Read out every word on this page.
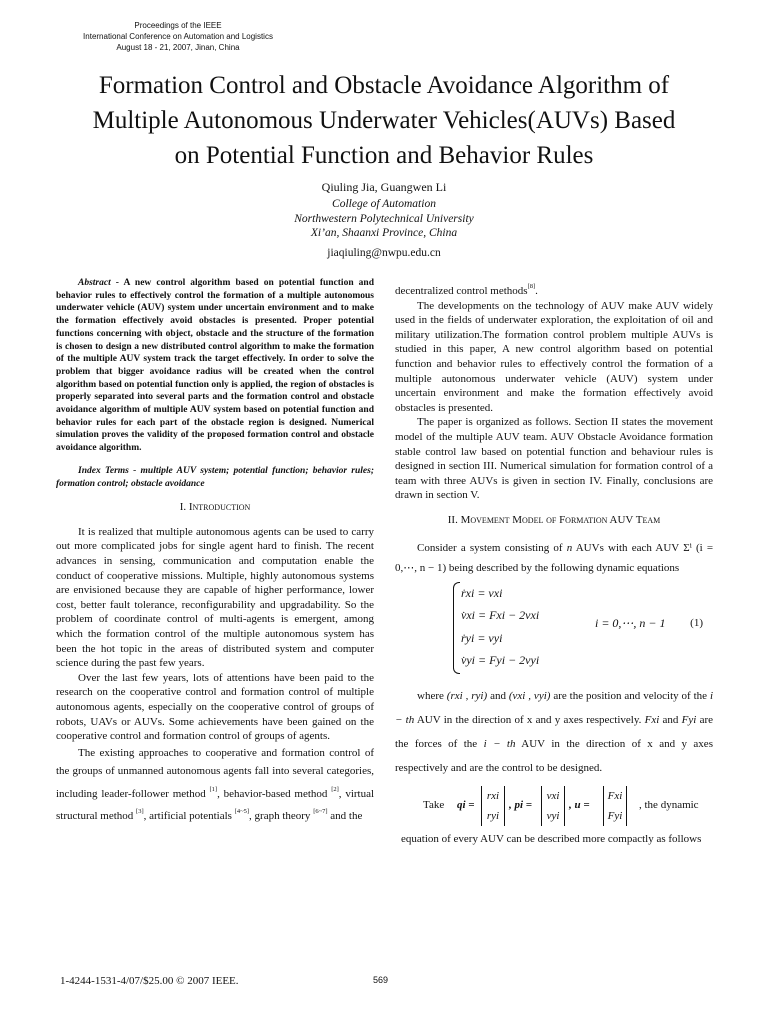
Proceedings of the IEEE
International Conference on Automation and Logistics
August 18 - 21, 2007, Jinan, China
Formation Control and Obstacle Avoidance Algorithm of
Multiple Autonomous Underwater Vehicles(AUVs) Based
on Potential Function and Behavior Rules
Qiuling Jia, Guangwen Li
College of Automation
Northwestern Polytechnical University
Xi’an, Shaanxi Province, China
jiaqiuling@nwpu.edu.cn
Abstract - A new control algorithm based on potential function and behavior rules to effectively control the formation of a multiple autonomous underwater vehicle (AUV) system under uncertain environment and to make the formation effectively avoid obstacles is presented. Proper potential functions concerning with object, obstacle and the structure of the formation is chosen to design a new distributed control algorithm to make the formation of the multiple AUV system track the target effectively. In order to solve the problem that bigger avoidance radius will be created when the control algorithm based on potential function only is applied, the region of obstacles is properly separated into several parts and the formation control and obstacle avoidance algorithm of multiple AUV system based on potential function and behavior rules for each part of the obstacle region is designed. Numerical simulation proves the validity of the proposed formation control and obstacle avoidance algorithm.
Index Terms - multiple AUV system; potential function; behavior rules; formation control; obstacle avoidance
I. Introduction

It is realized that multiple autonomous agents can be used to carry out more complicated jobs for single agent hard to finish. The recent advances in sensing, communication and computation enable the conduct of cooperative missions. Multiple, highly autonomous systems are envisioned because they are capable of higher performance, lower cost, better fault tolerance, reconfigurability and upgradability. So the problem of coordinate control of multi-agents is emergent, among which the formation control of the multiple autonomous system has been the hot topic in the areas of distributed system and computer science during the past few years.

Over the last few years, lots of attentions have been paid to the research on the cooperative control and formation control of multiple autonomous agents, especially on the cooperative control of groups of robots, UAVs or AUVs. Some achievements have been gained on the cooperative control and formation control of groups of agents.

The existing approaches to cooperative and formation control of the groups of unmanned autonomous agents fall into several categories, including leader-follower method [1], behavior-based method [2], virtual structural method [3], artificial potentials [4~5], graph theory [6~7] and the

decentralized control methods[8].

The developments on the technology of AUV make AUV widely used in the fields of underwater exploration, the exploitation of oil and military utilization.The formation control problem multiple AUVs is studied in this paper, A new control algorithm based on potential function and behavior rules to effectively control the formation of a multiple autonomous underwater vehicle (AUV) system under uncertain environment and make the formation effectively avoid obstacles is presented.

The paper is organized as follows. Section II states the movement model of the multiple AUV team. AUV Obstacle Avoidance formation stable control law based on potential function and behaviour rules is designed in section III. Numerical simulation for formation control of a team with three AUVs is given in section IV. Finally, conclusions are drawn in section V.

II. Movement Model of Formation AUV Team

Consider a system consisting of n AUVs with each AUV Σⁱ (i = 0,⋯, n − 1) being described by the following dynamic equations

ṙxi = vxi
v̇xi = Fxi − 2vxi
ṙyi = vyi
v̇yi = Fyi − 2vyi
i = 0,⋯, n − 1 (1)

where (rxi , ryi) and (vxi , vyi) are the position and velocity of the i − th AUV in the direction of x and y axes respectively. Fxi and Fyi are the forces of the i − th AUV in the direction of x and y axes respectively and are the control to be designed.

Take qi =
rxi
ryi
, pi =
vxi
vyi
, u =
Fxi
Fyi
, the dynamic

equation of every AUV can be described more compactly as follows

1-4244-1531-4/07/$25.00 © 2007 IEEE.	569
